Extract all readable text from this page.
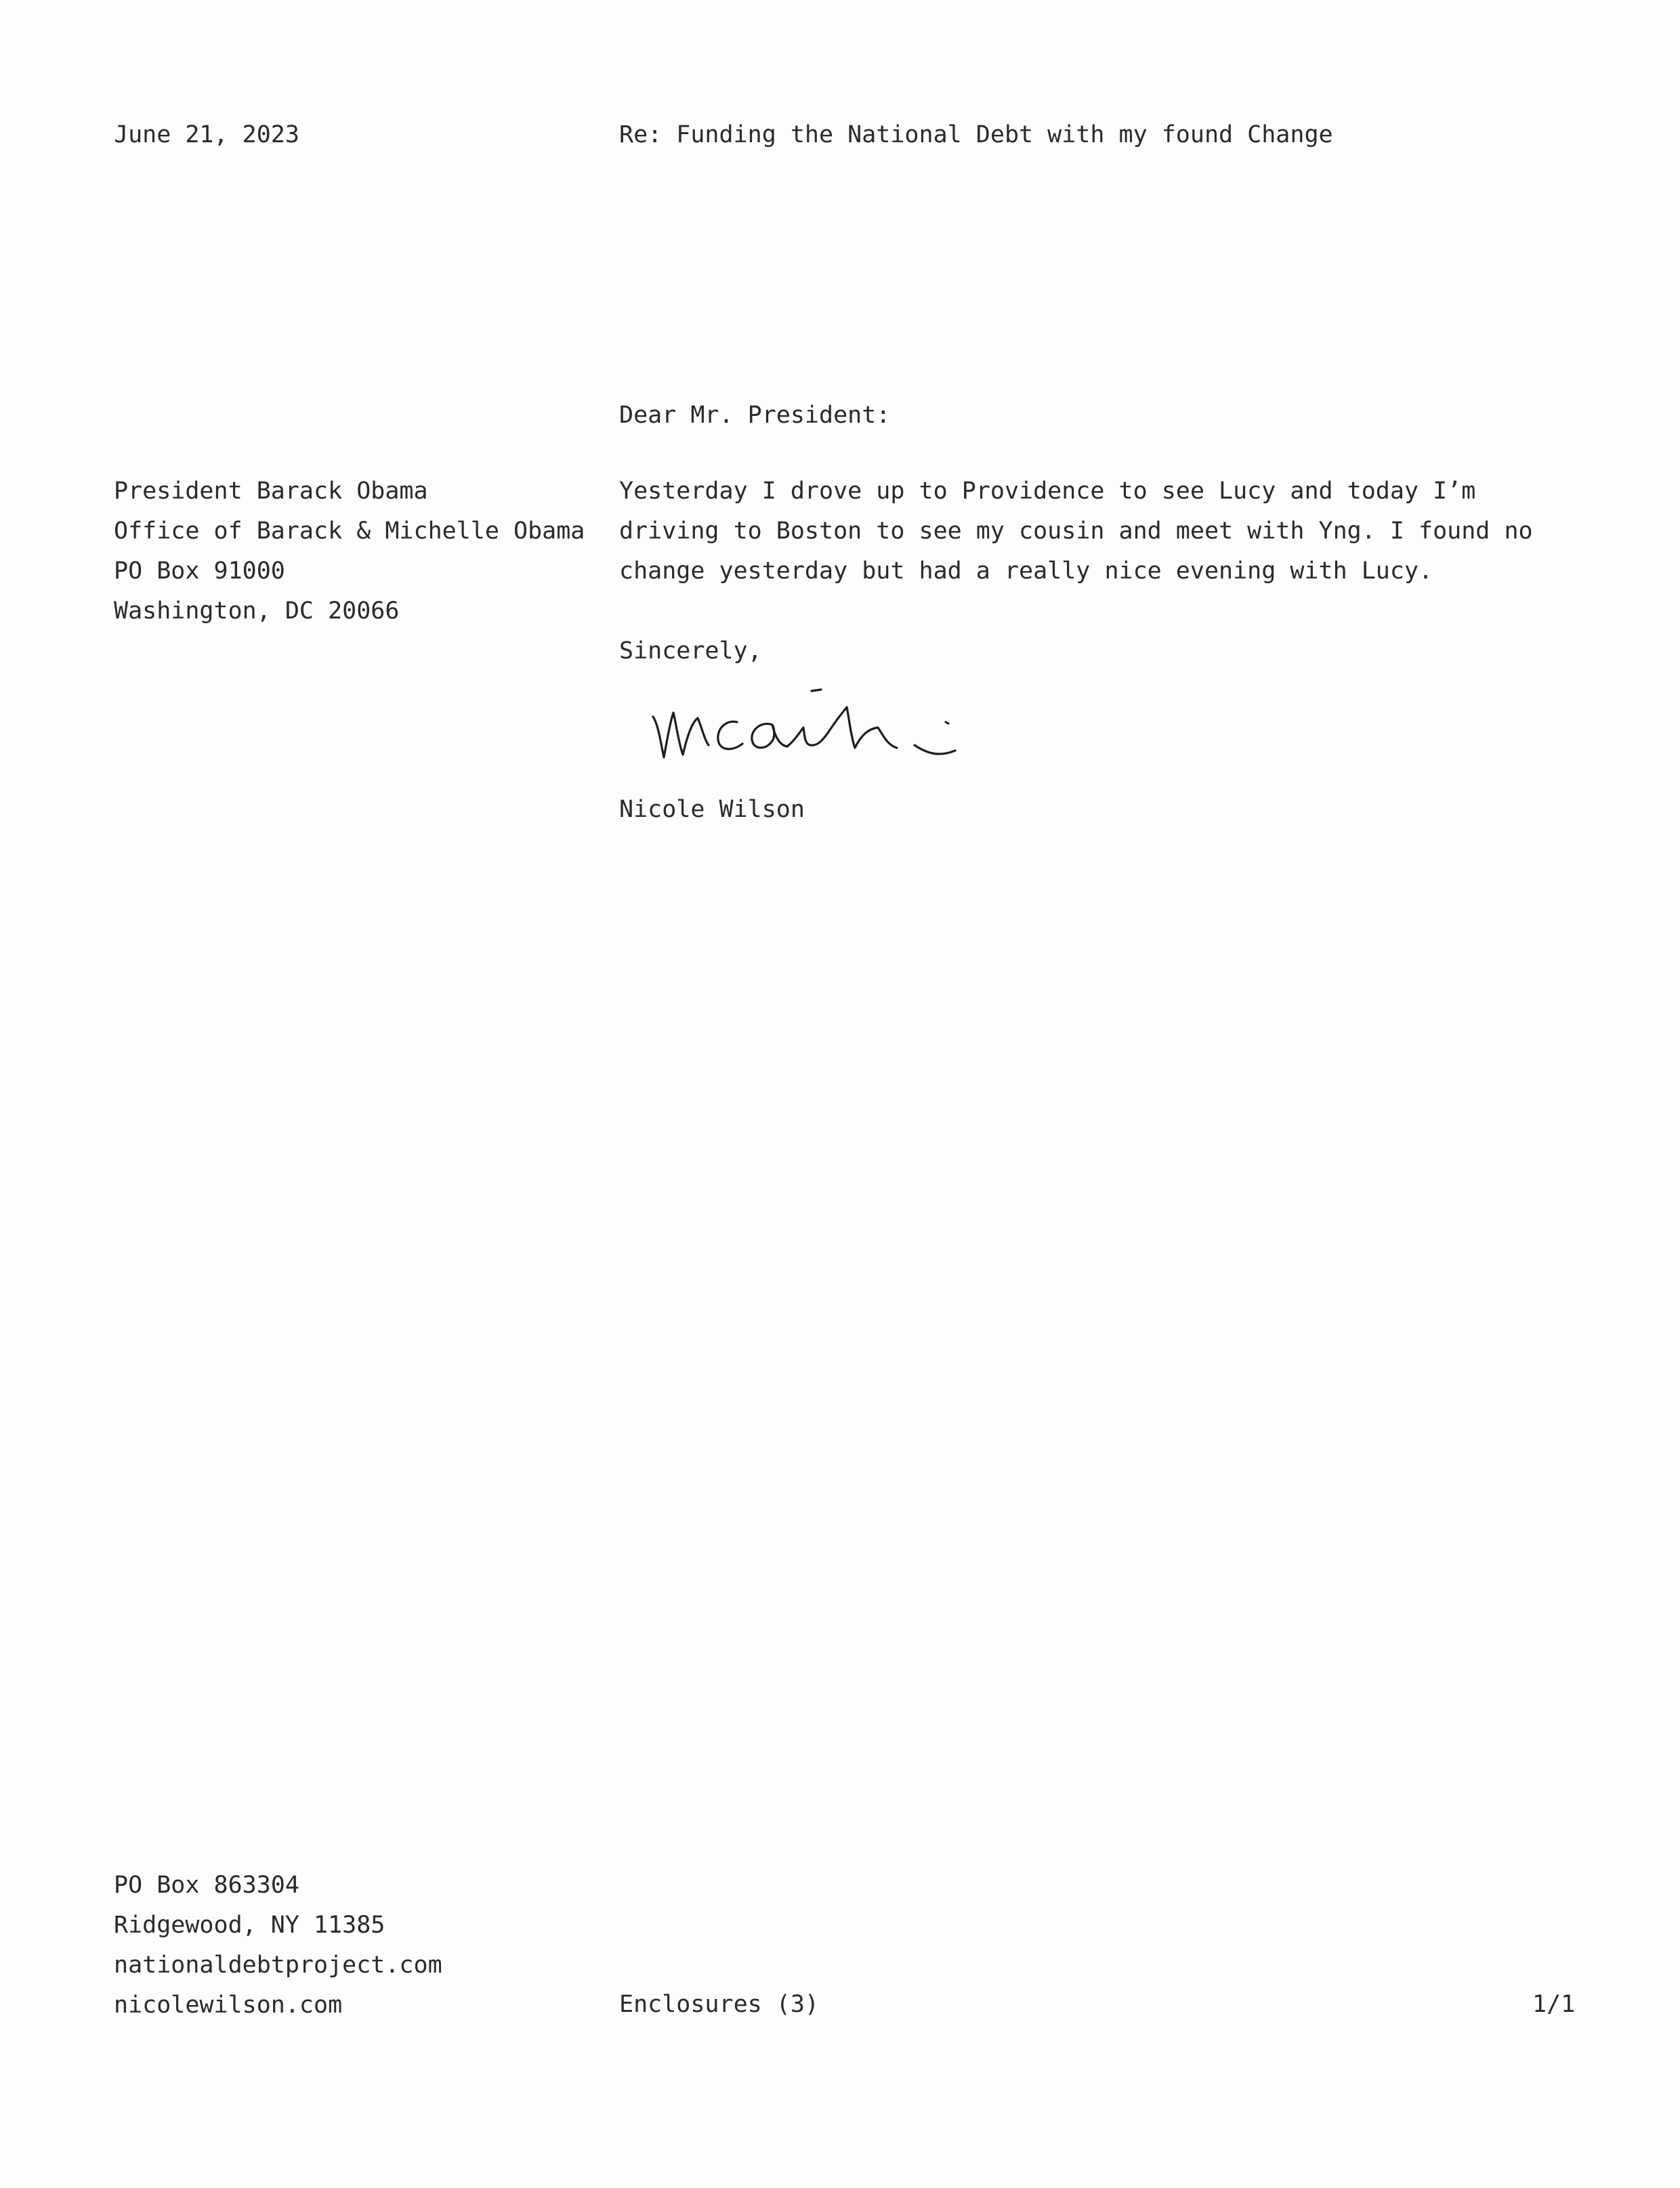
June 21, 2023	Re: Funding the National Debt with my found Change

Dear Mr. President:

President Barack Obama
Office of Barack & Michelle Obama
PO Box 91000
Washington, DC 20066
Yesterday I drove up to Providence to see Lucy and today I’m
driving to Boston to see my cousin and meet with Yng. I found no
change yesterday but had a really nice evening with Lucy.

Sincerely,

Nicole Wilson

PO Box 863304
Ridgewood, NY 11385
nationaldebtproject.com
nicolewilson.com	Enclosures (3)	1/1
